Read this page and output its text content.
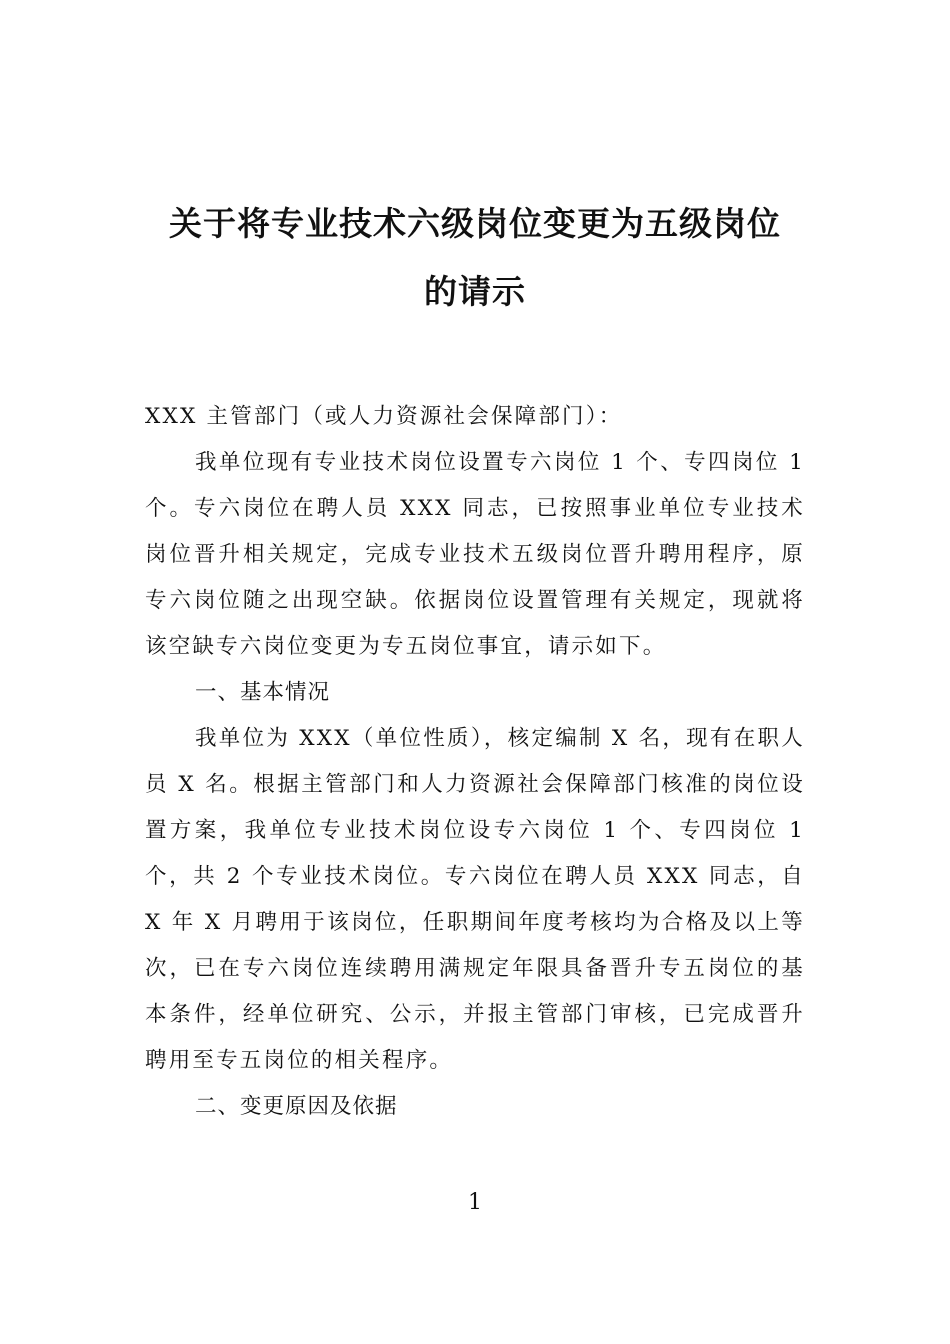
关于将专业技术六级岗位变更为五级岗位
的请示

XXX 主管部门（或人力资源社会保障部门）：

我单位现有专业技术岗位设置专六岗位 1 个、专四岗位 1 个。专六岗位在聘人员 XXX 同志，已按照事业单位专业技术岗位晋升相关规定，完成专业技术五级岗位晋升聘用程序，原专六岗位随之出现空缺。依据岗位设置管理有关规定，现就将该空缺专六岗位变更为专五岗位事宜，请示如下。

一、基本情况

我单位为 XXX（单位性质），核定编制 X 名，现有在职人员 X 名。根据主管部门和人力资源社会保障部门核准的岗位设置方案，我单位专业技术岗位设专六岗位 1 个、专四岗位 1 个，共 2 个专业技术岗位。专六岗位在聘人员 XXX 同志，自 X 年 X 月聘用于该岗位，任职期间年度考核均为合格及以上等次，已在专六岗位连续聘用满规定年限具备晋升专五岗位的基本条件，经单位研究、公示，并报主管部门审核，已完成晋升聘用至专五岗位的相关程序。

二、变更原因及依据

1
